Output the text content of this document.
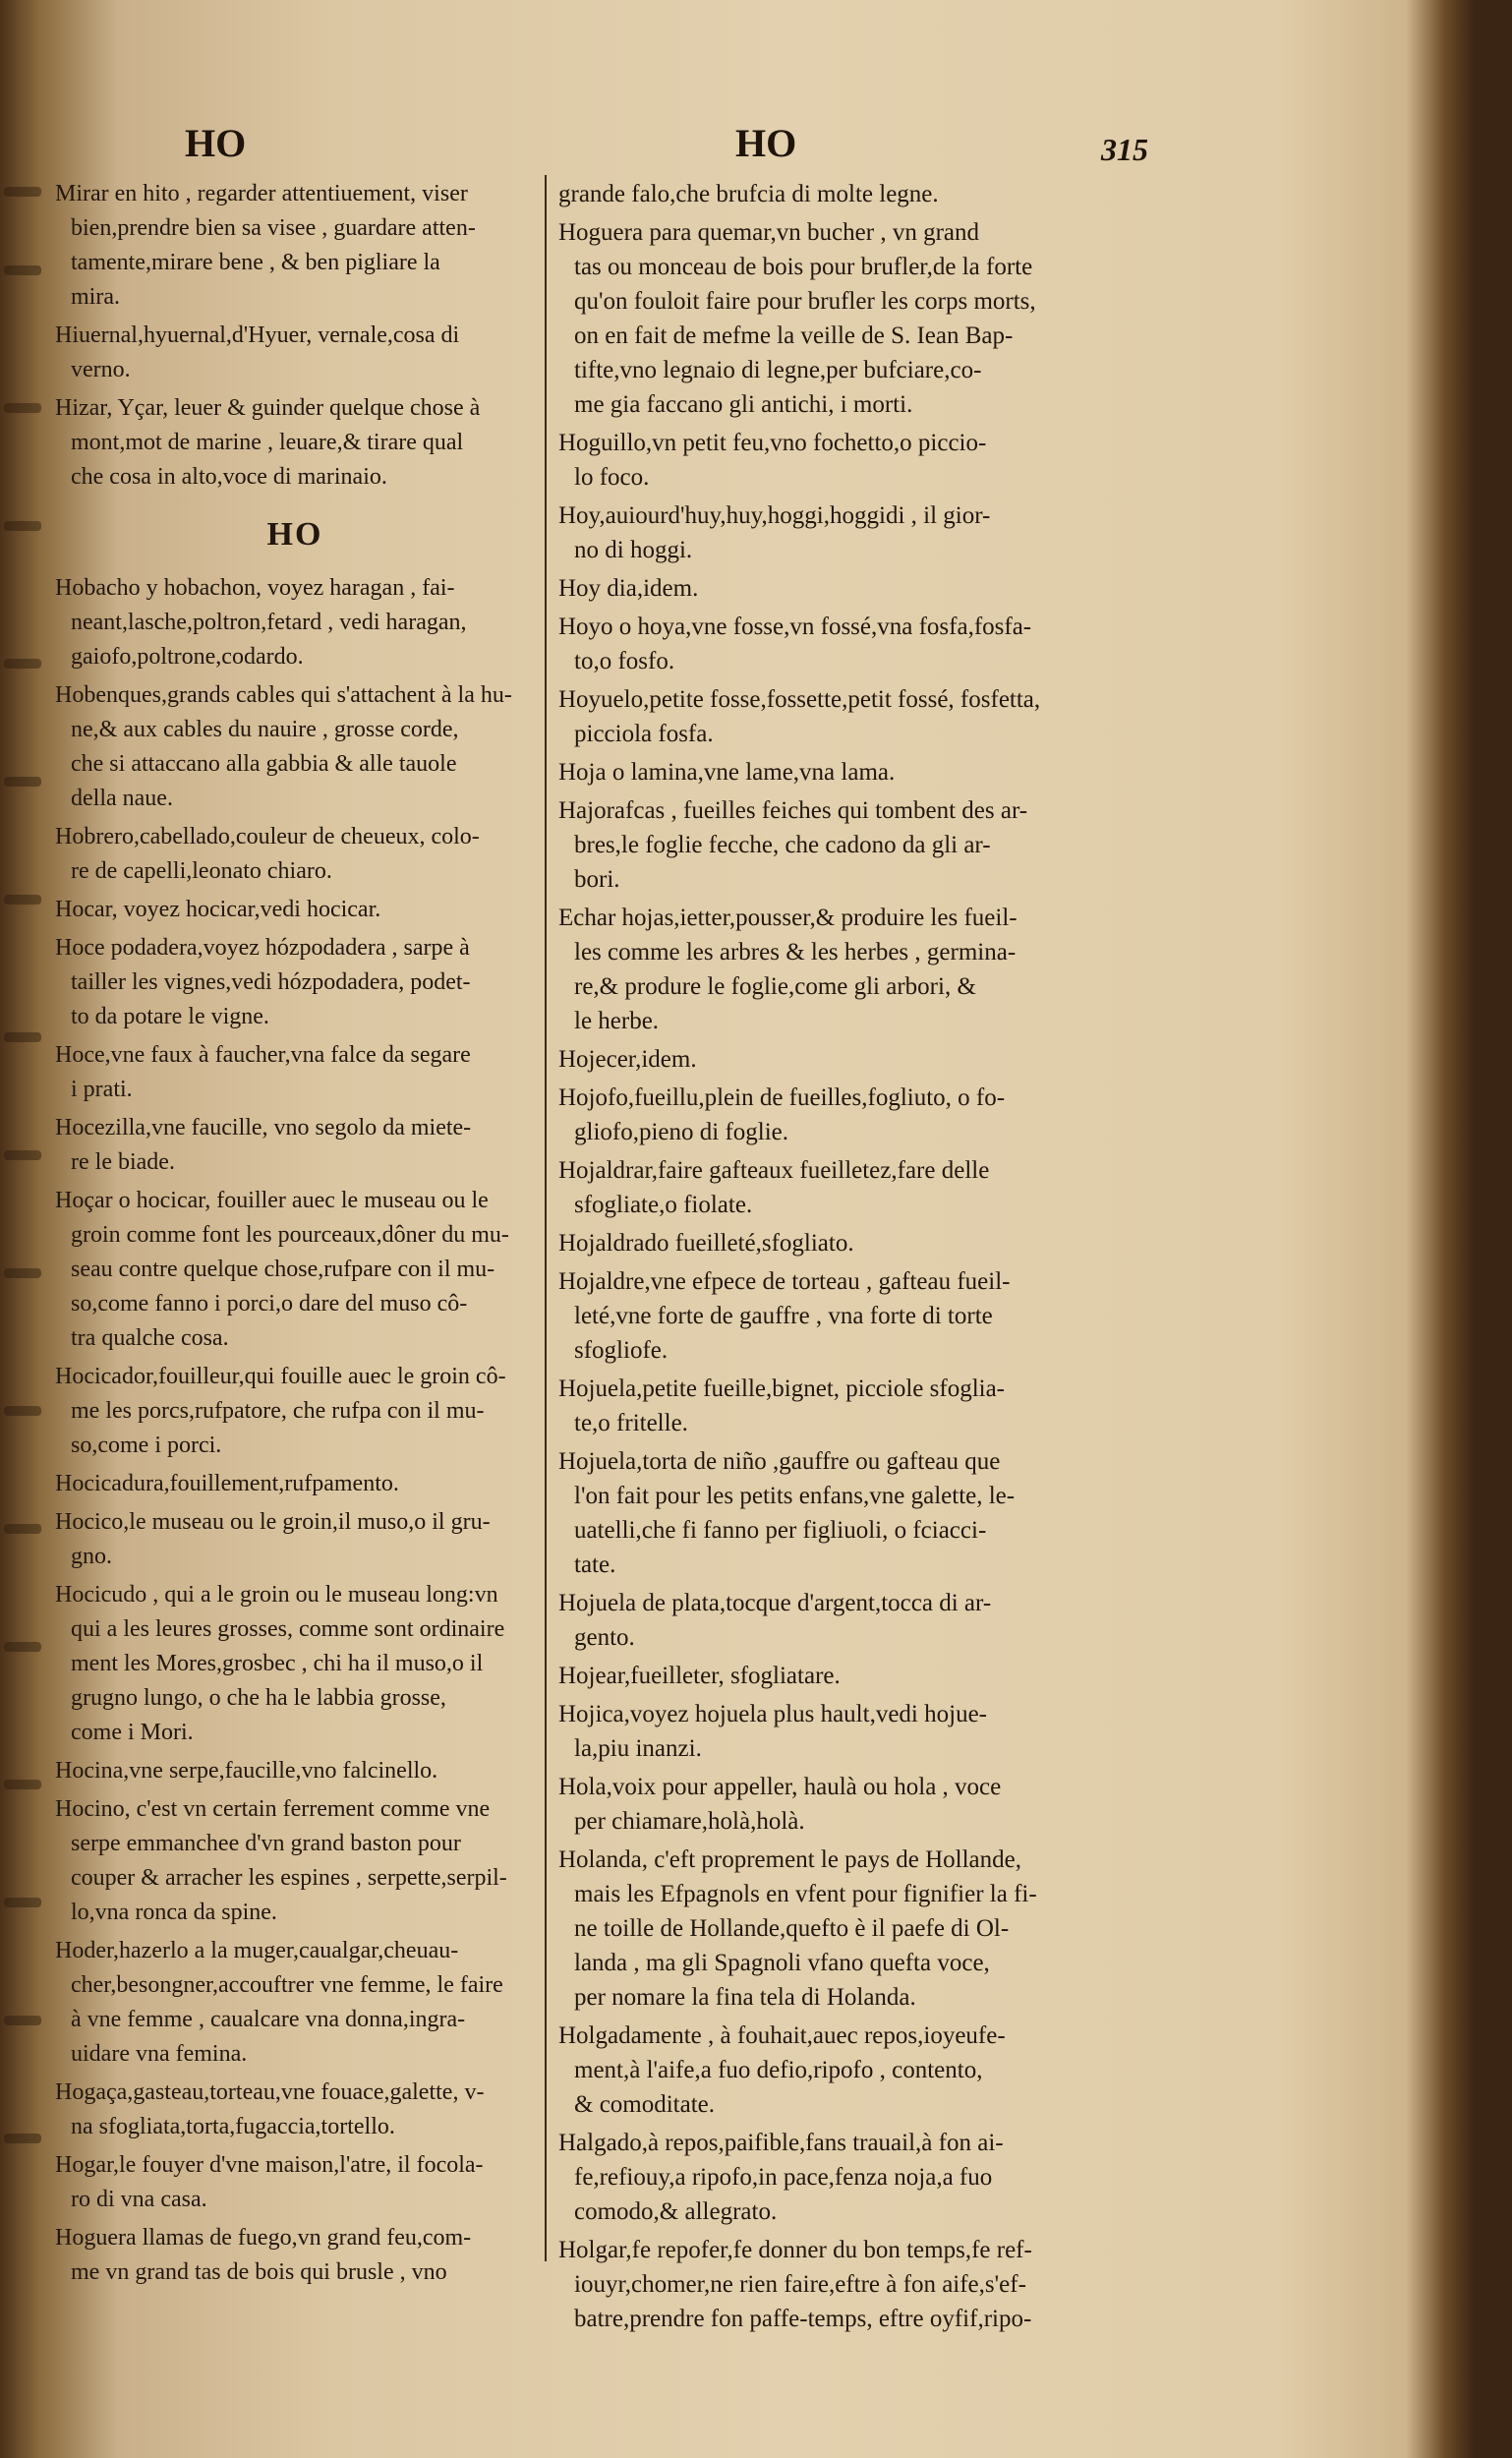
HO	HO	315
Mirar en hito , regarder attentiuement, viser
bien,prendre bien sa visee , guardare atten-
tamente,mirare bene , & ben pigliare la
mira.
Hiuernal,hyuernal,d'Hyuer, vernale,cosa di
verno.
Hizar, Yçar, leuer & guinder quelque chose à
mont,mot de marine , leuare,& tirare qual
che cosa in alto,voce di marinaio.
HO
Hobacho y hobachon, voyez haragan , fai-
neant,lasche,poltron,fetard , vedi haragan,
gaiofo,poltrone,codardo.
Hobenques,grands cables qui s'attachent à la hu-
ne,& aux cables du nauire , grosse corde,
che si attaccano alla gabbia & alle tauole
della naue.
Hobrero,cabellado,couleur de cheueux, colo-
re de capelli,leonato chiaro.
Hocar, voyez hocicar,vedi hocicar.
Hoce podadera,voyez hózpodadera , sarpe à
tailler les vignes,vedi hózpodadera, podet-
to da potare le vigne.
Hoce,vne faux à faucher,vna falce da segare
i prati.
Hocezilla,vne faucille, vno segolo da miete-
re le biade.
Hoçar o hocicar, fouiller auec le museau ou le
groin comme font les pourceaux,dôner du mu-
seau contre quelque chose,rufpare con il mu-
so,come fanno i porci,o dare del muso cô-
tra qualche cosa.
Hocicador,fouilleur,qui fouille auec le groin cô-
me les porcs,rufpatore, che rufpa con il mu-
so,come i porci.
Hocicadura,fouillement,rufpamento.
Hocico,le museau ou le groin,il muso,o il gru-
gno.
Hocicudo , qui a le groin ou le museau long:vn
qui a les leures grosses, comme sont ordinaire
ment les Mores,grosbec , chi ha il muso,o il
grugno lungo, o che ha le labbia grosse,
come i Mori.
Hocina,vne serpe,faucille,vno falcinello.
Hocino, c'est vn certain ferrement comme vne
serpe emmanchee d'vn grand baston pour
couper & arracher les espines , serpette,serpil-
lo,vna ronca da spine.
Hoder,hazerlo a la muger,caualgar,cheuau-
cher,besongner,accouftrer vne femme, le faire
à vne femme , caualcare vna donna,ingra-
uidare vna femina.
Hogaça,gasteau,torteau,vne fouace,galette, v-
na sfogliata,torta,fugaccia,tortello.
Hogar,le fouyer d'vne maison,l'atre, il focola-
ro di vna casa.
Hoguera llamas de fuego,vn grand feu,com-
me vn grand tas de bois qui brusle , vno
grande falo,che brufcia di molte legne.
Hoguera para quemar,vn bucher , vn grand
tas ou monceau de bois pour brufler,de la forte
qu'on fouloit faire pour brufler les corps morts,
on en fait de mefme la veille de S. Iean Bap-
tifte,vno legnaio di legne,per bufciare,co-
me gia faccano gli antichi, i morti.
Hoguillo,vn petit feu,vno fochetto,o piccio-
lo foco.
Hoy,auiourd'huy,huy,hoggi,hoggidi , il gior-
no di hoggi.
Hoy dia,idem.
Hoyo o hoya,vne fosse,vn fossé,vna fosfa,fosfa-
to,o fosfo.
Hoyuelo,petite fosse,fossette,petit fossé, fosfetta,
picciola fosfa.
Hoja o lamina,vne lame,vna lama.
Hajorafcas , fueilles feiches qui tombent des ar-
bres,le foglie fecche, che cadono da gli ar-
bori.
Echar hojas,ietter,pousser,& produire les fueil-
les comme les arbres & les herbes , germina-
re,& produre le foglie,come gli arbori, &
le herbe.
Hojecer,idem.
Hojofo,fueillu,plein de fueilles,fogliuto, o fo-
gliofo,pieno di foglie.
Hojaldrar,faire gafteaux fueilletez,fare delle
sfogliate,o fiolate.
Hojaldrado fueilleté,sfogliato.
Hojaldre,vne efpece de torteau , gafteau fueil-
leté,vne forte de gauffre , vna forte di torte
sfogliofe.
Hojuela,petite fueille,bignet, picciole sfoglia-
te,o fritelle.
Hojuela,torta de niño ,gauffre ou gafteau que
l'on fait pour les petits enfans,vne galette, le-
uatelli,che fi fanno per figliuoli, o fciacci-
tate.
Hojuela de plata,tocque d'argent,tocca di ar-
gento.
Hojear,fueilleter, sfogliatare.
Hojica,voyez hojuela plus hault,vedi hojue-
la,piu inanzi.
Hola,voix pour appeller, haulà ou hola , voce
per chiamare,holà,holà.
Holanda, c'eft proprement le pays de Hollande,
mais les Efpagnols en vfent pour fignifier la fi-
ne toille de Hollande,quefto è il paefe di Ol-
landa , ma gli Spagnoli vfano quefta voce,
per nomare la fina tela di Holanda.
Holgadamente , à fouhait,auec repos,ioyeufe-
ment,à l'aife,a fuo defio,ripofo , contento,
& comoditate.
Halgado,à repos,paifible,fans trauail,à fon ai-
fe,refiouy,a ripofo,in pace,fenza noja,a fuo
comodo,& allegrato.
Holgar,fe repofer,fe donner du bon temps,fe ref-
iouyr,chomer,ne rien faire,eftre à fon aife,s'ef-
batre,prendre fon paffe-temps, eftre oyfif,ripo-
